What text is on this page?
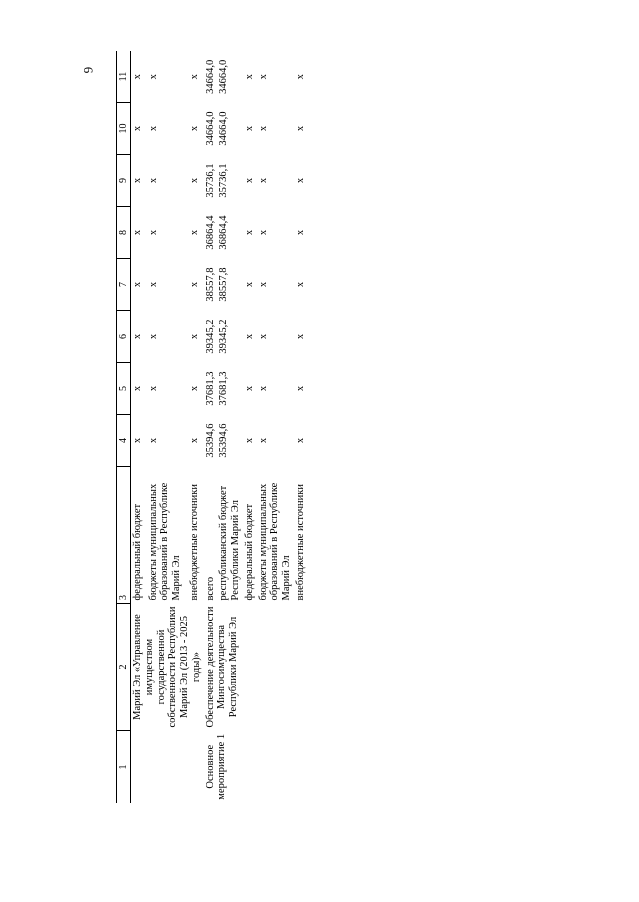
6
1	2	3	4	5	6	7	8	9	10	11
	Марий Эл «Управление имуществом государственной собственности Республики Марий Эл (2013 - 2025 годы)»	федеральный бюджет	х	х	х	х	х	х	х	х
		бюджеты муниципальных образований в Республике Марий Эл	х	х	х	х	х	х	х	х
		внебюджетные источники	х	х	х	х	х	х	х	х
Основное мероприятие 1	Обеспечение деятельности Мингосимущества Республики Марий Эл	всего	35394,6	37681,3	39345,2	38557,8	36864,4	35736,1	34664,0	34664,0
		республиканский бюджет Республики Марий Эл	35394,6	37681,3	39345,2	38557,8	36864,4	35736,1	34664,0	34664,0
		федеральный бюджет	х	х	х	х	х	х	х	х
		бюджеты муниципальных образований в Республике Марий Эл	х	х	х	х	х	х	х	х
		внебюджетные источники	х	х	х	х	х	х	х	х
